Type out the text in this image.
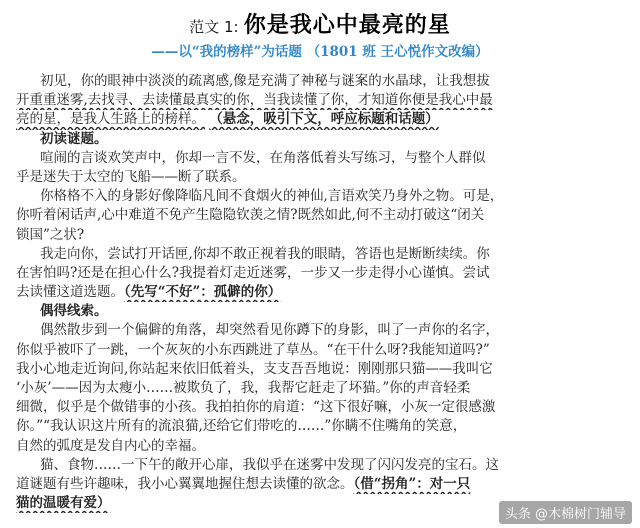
范文 1: 你是我心中最亮的星
——以“我的榜样”为话题 （1801 班 王心悦作文改编）
初见，你的眼神中淡淡的疏离感,像是充满了神秘与谜案的水晶球，让我想拔
开重重迷雾,去找寻、去读懂最真实的你，当我读懂了你，才知道你便是我心中最
亮的星，是我人生路上的榜样。 （悬念，吸引下文，呼应标题和话题）
初读谜题。
喧闹的言谈欢笑声中，你却一言不发，在角落低着头写练习，与整个人群似
乎是迷失于太空的飞船——断了联系。
你格格不入的身影好像降临凡间不食烟火的神仙,言语欢笑乃身外之物。可是，
你听着闲话声,心中难道不免产生隐隐钦羡之情?既然如此,何不主动打破这“闭关
锁国”之状?
我走向你，尝试打开话匣,你却不敢正视着我的眼睛，答语也是断断续续。你
在害怕吗?还是在担心什么?我提着灯走近迷雾，一步又一步走得小心谨慎。尝试
去读懂这道选题。（先写“不好”：孤僻的你）
偶得线索。
偶然散步到一个偏僻的角落，却突然看见你蹲下的身影，叫了一声你的名字，
你似乎被吓了一跳，一个灰灰的小东西跳进了草丛。“在干什么呀?我能知道吗?”
我小心地走近询问,你站起来依旧低着头，支支吾吾地说：刚刚那只猫——我叫它
‘小灰’——因为太瘦小……被欺负了，我，我帮它赶走了坏猫。”你的声音轻柔
细微，似乎是个做错事的小孩。我拍拍你的肩道：“这下很好嘛，小灰一定很感激
你。”“我认识这片所有的流浪猫,还给它们带吃的……”你瞒不住嘴角的笑意，
自然的弧度是发自内心的幸福。
猫、食物……一下午的敞开心扉，我似乎在迷雾中发现了闪闪发亮的宝石。这
道谜题有些许趣味，我小心翼翼地握住想去读懂的欲念。（借“拐角”：对一只
猫的温暖有爱）
头条 @木棉树门辅导
